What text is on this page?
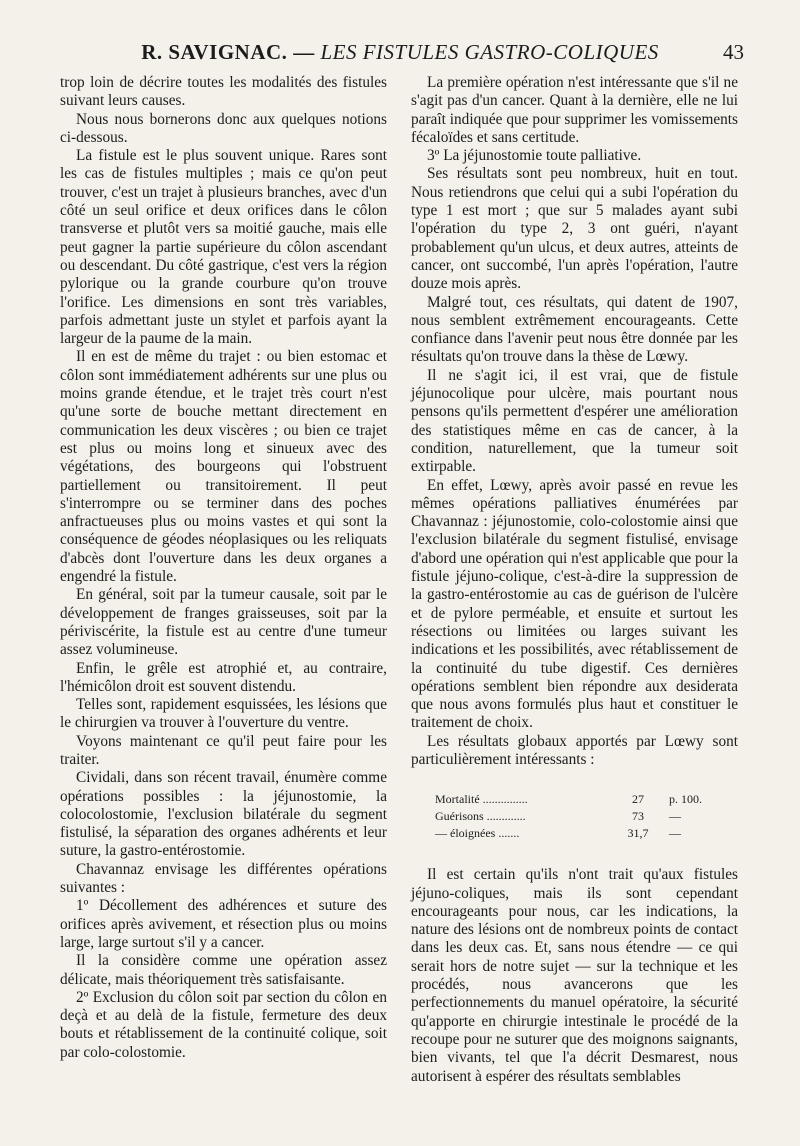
R. SAVIGNAC. — LES FISTULES GASTRO-COLIQUES	43

trop loin de décrire toutes les modalités des fistules suivant leurs causes.

Nous nous bornerons donc aux quelques notions ci-dessous.

La fistule est le plus souvent unique. Rares sont les cas de fistules multiples ; mais ce qu'on peut trouver, c'est un trajet à plusieurs branches, avec d'un côté un seul orifice et deux orifices dans le côlon transverse et plutôt vers sa moitié gauche, mais elle peut gagner la partie supérieure du côlon ascendant ou descendant. Du côté gastrique, c'est vers la région pylorique ou la grande courbure qu'on trouve l'orifice. Les dimensions en sont très variables, parfois admettant juste un stylet et parfois ayant la largeur de la paume de la main.

Il en est de même du trajet : ou bien estomac et côlon sont immédiatement adhérents sur une plus ou moins grande étendue, et le trajet très court n'est qu'une sorte de bouche mettant directement en communication les deux viscères ; ou bien ce trajet est plus ou moins long et sinueux avec des végétations, des bourgeons qui l'obstruent partiellement ou transitoirement. Il peut s'interrompre ou se terminer dans des poches anfractueuses plus ou moins vastes et qui sont la conséquence de géodes néoplasiques ou les reliquats d'abcès dont l'ouverture dans les deux organes a engendré la fistule.

En général, soit par la tumeur causale, soit par le développement de franges graisseuses, soit par la périviscérite, la fistule est au centre d'une tumeur assez volumineuse.

Enfin, le grêle est atrophié et, au contraire, l'hémicôlon droit est souvent distendu.

Telles sont, rapidement esquissées, les lésions que le chirurgien va trouver à l'ouverture du ventre.

Voyons maintenant ce qu'il peut faire pour les traiter.

Cividali, dans son récent travail, énumère comme opérations possibles : la jéjunostomie, la colocolostomie, l'exclusion bilatérale du segment fistulisé, la séparation des organes adhérents et leur suture, la gastro-entérostomie.

Chavannaz envisage les différentes opérations suivantes :

1º Décollement des adhérences et suture des orifices après avivement, et résection plus ou moins large, large surtout s'il y a cancer.

Il la considère comme une opération assez délicate, mais théoriquement très satisfaisante.

2º Exclusion du côlon soit par section du côlon en deçà et au delà de la fistule, fermeture des deux bouts et rétablissement de la continuité colique, soit par colo-colostomie.

La première opération n'est intéressante que s'il ne s'agit pas d'un cancer. Quant à la dernière, elle ne lui paraît indiquée que pour supprimer les vomissements fécaloïdes et sans certitude.

3º La jéjunostomie toute palliative.

Ses résultats sont peu nombreux, huit en tout. Nous retiendrons que celui qui a subi l'opération du type 1 est mort ; que sur 5 malades ayant subi l'opération du type 2, 3 ont guéri, n'ayant probablement qu'un ulcus, et deux autres, atteints de cancer, ont succombé, l'un après l'opération, l'autre douze mois après.

Malgré tout, ces résultats, qui datent de 1907, nous semblent extrêmement encourageants. Cette confiance dans l'avenir peut nous être donnée par les résultats qu'on trouve dans la thèse de Lœwy.

Il ne s'agit ici, il est vrai, que de fistule jéjunocolique pour ulcère, mais pourtant nous pensons qu'ils permettent d'espérer une amélioration des statistiques même en cas de cancer, à la condition, naturellement, que la tumeur soit extirpable.

En effet, Lœwy, après avoir passé en revue les mêmes opérations palliatives énumérées par Chavannaz : jéjunostomie, colo-colostomie ainsi que l'exclusion bilatérale du segment fistulisé, envisage d'abord une opération qui n'est applicable que pour la fistule jéjuno-colique, c'est-à-dire la suppression de la gastro-entérostomie au cas de guérison de l'ulcère et de pylore perméable, et ensuite et surtout les résections ou limitées ou larges suivant les indications et les possibilités, avec rétablissement de la continuité du tube digestif. Ces dernières opérations semblent bien répondre aux desiderata que nous avons formulés plus haut et constituer le traitement de choix.

Les résultats globaux apportés par Lœwy sont particulièrement intéressants :

Mortalité ...............	27	p. 100.
Guérisons .............	73	—
— éloignées .......	31,7	—

Il est certain qu'ils n'ont trait qu'aux fistules jéjuno-coliques, mais ils sont cependant encourageants pour nous, car les indications, la nature des lésions ont de nombreux points de contact dans les deux cas. Et, sans nous étendre — ce qui serait hors de notre sujet — sur la technique et les procédés, nous avancerons que les perfectionnements du manuel opératoire, la sécurité qu'apporte en chirurgie intestinale le procédé de la recoupe pour ne suturer que des moignons saignants, bien vivants, tel que l'a décrit Desmarest, nous autorisent à espérer des résultats semblables
